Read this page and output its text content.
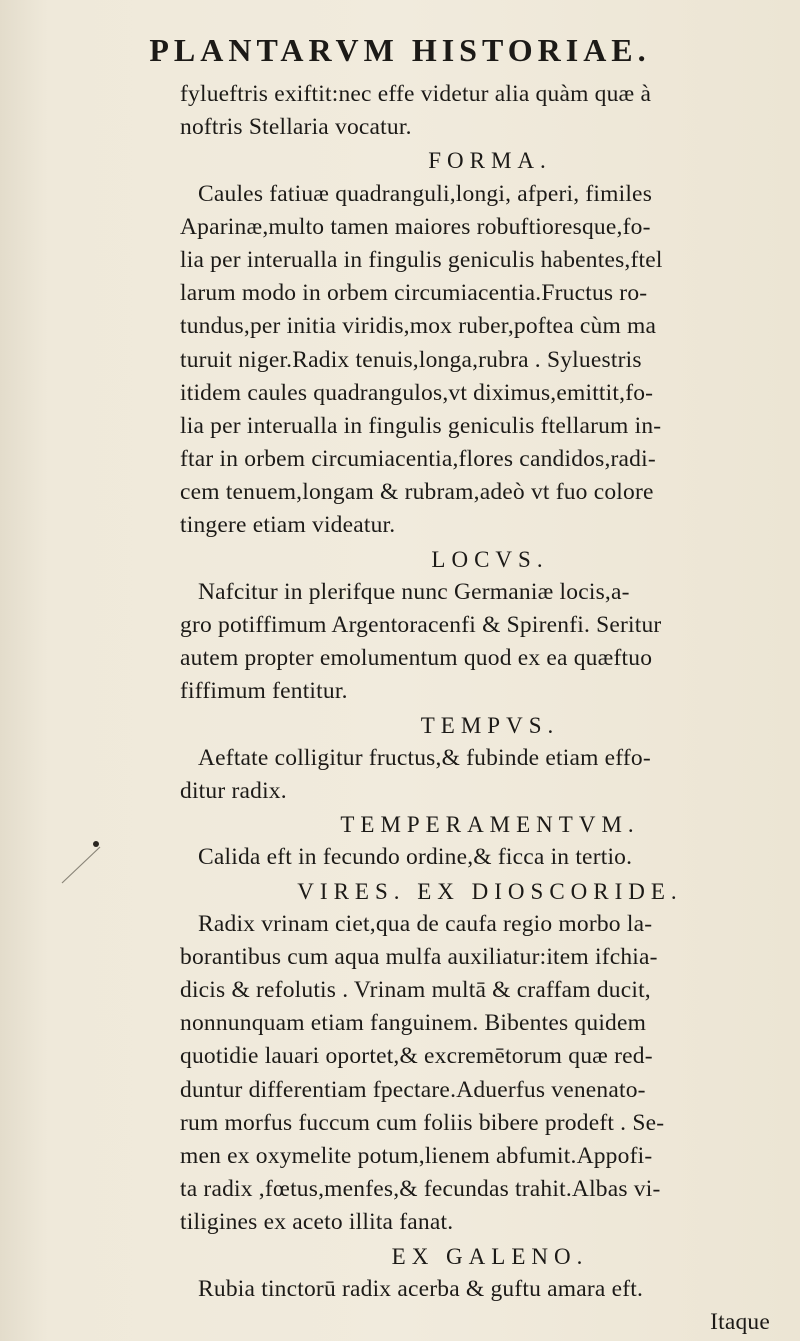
PLANTARVM HISTORIAE.
fylueftris exiftit:nec effe videtur alia quàm quæ à
noftris Stellaria vocatur.
FORMA.
Caules fatiuæ quadranguli,longi, afperi, fimiles
Aparinæ,multo tamen maiores robuftioresque,fo-
lia per interualla in fingulis geniculis habentes,ftel
larum modo in orbem circumiacentia.Fructus ro-
tundus,per initia viridis,mox ruber,poftea cùm ma
turuit niger.Radix tenuis,longa,rubra . Syluestris
itidem caules quadrangulos,vt diximus,emittit,fo-
lia per interualla in fingulis geniculis ftellarum in-
ftar in orbem circumiacentia,flores candidos,radi-
cem tenuem,longam & rubram,adeò vt fuo colore
tingere etiam videatur.
LOCVS.
Nafcitur in plerifque nunc Germaniæ locis,a-
gro potiffimum Argentoracenfi & Spirenfi. Seritur
autem propter emolumentum quod ex ea quæftuo
fiffimum fentitur.
TEMPVS.
Aeftate colligitur fructus,& fubinde etiam effo-
ditur radix.
TEMPERAMENTVM.
Calida eft in fecundo ordine,& ficca in tertio.
VIRES. EX DIOSCORIDE.
Radix vrinam ciet,qua de caufa regio morbo la-
borantibus cum aqua mulfa auxiliatur:item ifchia-
dicis & refolutis . Vrinam multā & craffam ducit,
nonnunquam etiam fanguinem. Bibentes quidem
quotidie lauari oportet,& excremētorum quæ red-
duntur differentiam fpectare.Aduerfus venenato-
rum morfus fuccum cum foliis bibere prodeft . Se-
men ex oxymelite potum,lienem abfumit.Appofi-
ta radix ,fœtus,menfes,& fecundas trahit.Albas vi-
tiligines ex aceto illita fanat.
EX GALENO.
Rubia tinctorū radix acerba & guftu amara eft.
Itaque
